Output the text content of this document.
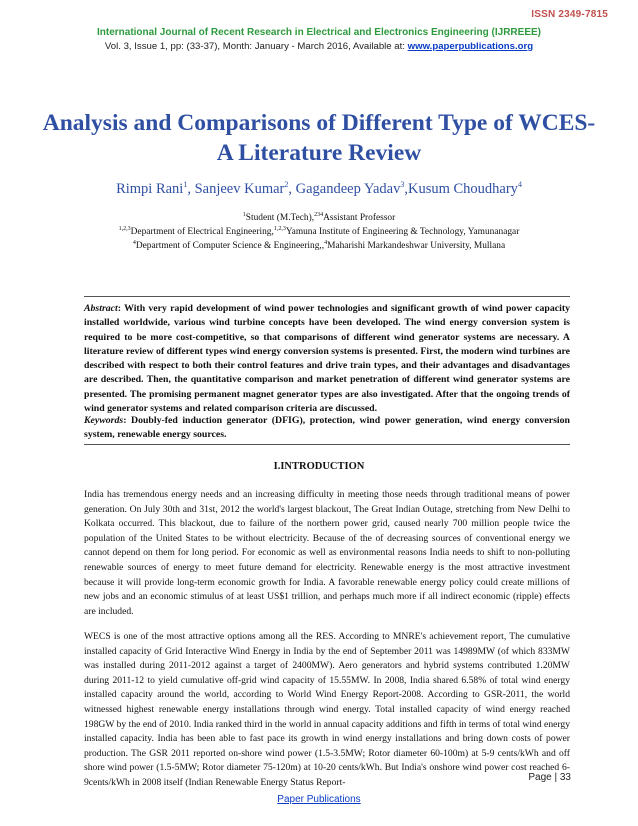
ISSN 2349-7815
International Journal of Recent Research in Electrical and Electronics Engineering (IJRREEE)
Vol. 3, Issue 1, pp: (33-37), Month: January - March 2016, Available at: www.paperpublications.org
Analysis and Comparisons of Different Type of WCES- A Literature Review
Rimpi Rani$^1$, Sanjeev Kumar$^2$, Gagandeep Yadav$^3$,Kusum Choudhary$^4$
$^1$Student (M.Tech),$^{234}$Assistant Professor
$^{1,2,3}$Department of Electrical Engineering,$^{1,2,3}$Yamuna Institute of Engineering & Technology, Yamunanagar
$^4$Department of Computer Science & Engineering,,$^4$Maharishi Markandeshwar University, Mullana
Abstract: With very rapid development of wind power technologies and significant growth of wind power capacity installed worldwide, various wind turbine concepts have been developed. The wind energy conversion system is required to be more cost-competitive, so that comparisons of different wind generator systems are necessary. A literature review of different types wind energy conversion systems is presented. First, the modern wind turbines are described with respect to both their control features and drive train types, and their advantages and disadvantages are described. Then, the quantitative comparison and market penetration of different wind generator systems are presented. The promising permanent magnet generator types are also investigated. After that the ongoing trends of wind generator systems and related comparison criteria are discussed.
Keywords: Doubly-fed induction generator (DFIG), protection, wind power generation, wind energy conversion system, renewable energy sources.
I.INTRODUCTION

India has tremendous energy needs and an increasing difficulty in meeting those needs through traditional means of power generation. On July 30th and 31st, 2012 the world's largest blackout, The Great Indian Outage, stretching from New Delhi to Kolkata occurred. This blackout, due to failure of the northern power grid, caused nearly 700 million people twice the population of the United States to be without electricity. Because of the of decreasing sources of conventional energy we cannot depend on them for long period. For economic as well as environmental reasons India needs to shift to non-polluting renewable sources of energy to meet future demand for electricity. Renewable energy is the most attractive investment because it will provide long-term economic growth for India. A favorable renewable energy policy could create millions of new jobs and an economic stimulus of at least US$1 trillion, and perhaps much more if all indirect economic (ripple) effects are included.

WECS is one of the most attractive options among all the RES. According to MNRE's achievement report, The cumulative installed capacity of Grid Interactive Wind Energy in India by the end of September 2011 was 14989MW (of which 833MW was installed during 2011-2012 against a target of 2400MW). Aero generators and hybrid systems contributed 1.20MW during 2011-12 to yield cumulative off-grid wind capacity of 15.55MW. In 2008, India shared 6.58% of total wind energy installed capacity around the world, according to World Wind Energy Report-2008. According to GSR-2011, the world witnessed highest renewable energy installations through wind energy. Total installed capacity of wind energy reached 198GW by the end of 2010. India ranked third in the world in annual capacity additions and fifth in terms of total wind energy installed capacity. India has been able to fast pace its growth in wind energy installations and bring down costs of power production. The GSR 2011 reported on-shore wind power (1.5-3.5MW; Rotor diameter 60-100m) at 5-9 cents/kWh and off shore wind power (1.5-5MW; Rotor diameter 75-120m) at 10-20 cents/kWh. But India's onshore wind power cost reached 6-9cents/kWh in 2008 itself (Indian Renewable Energy Status Report-	Page | 33
Paper Publications
